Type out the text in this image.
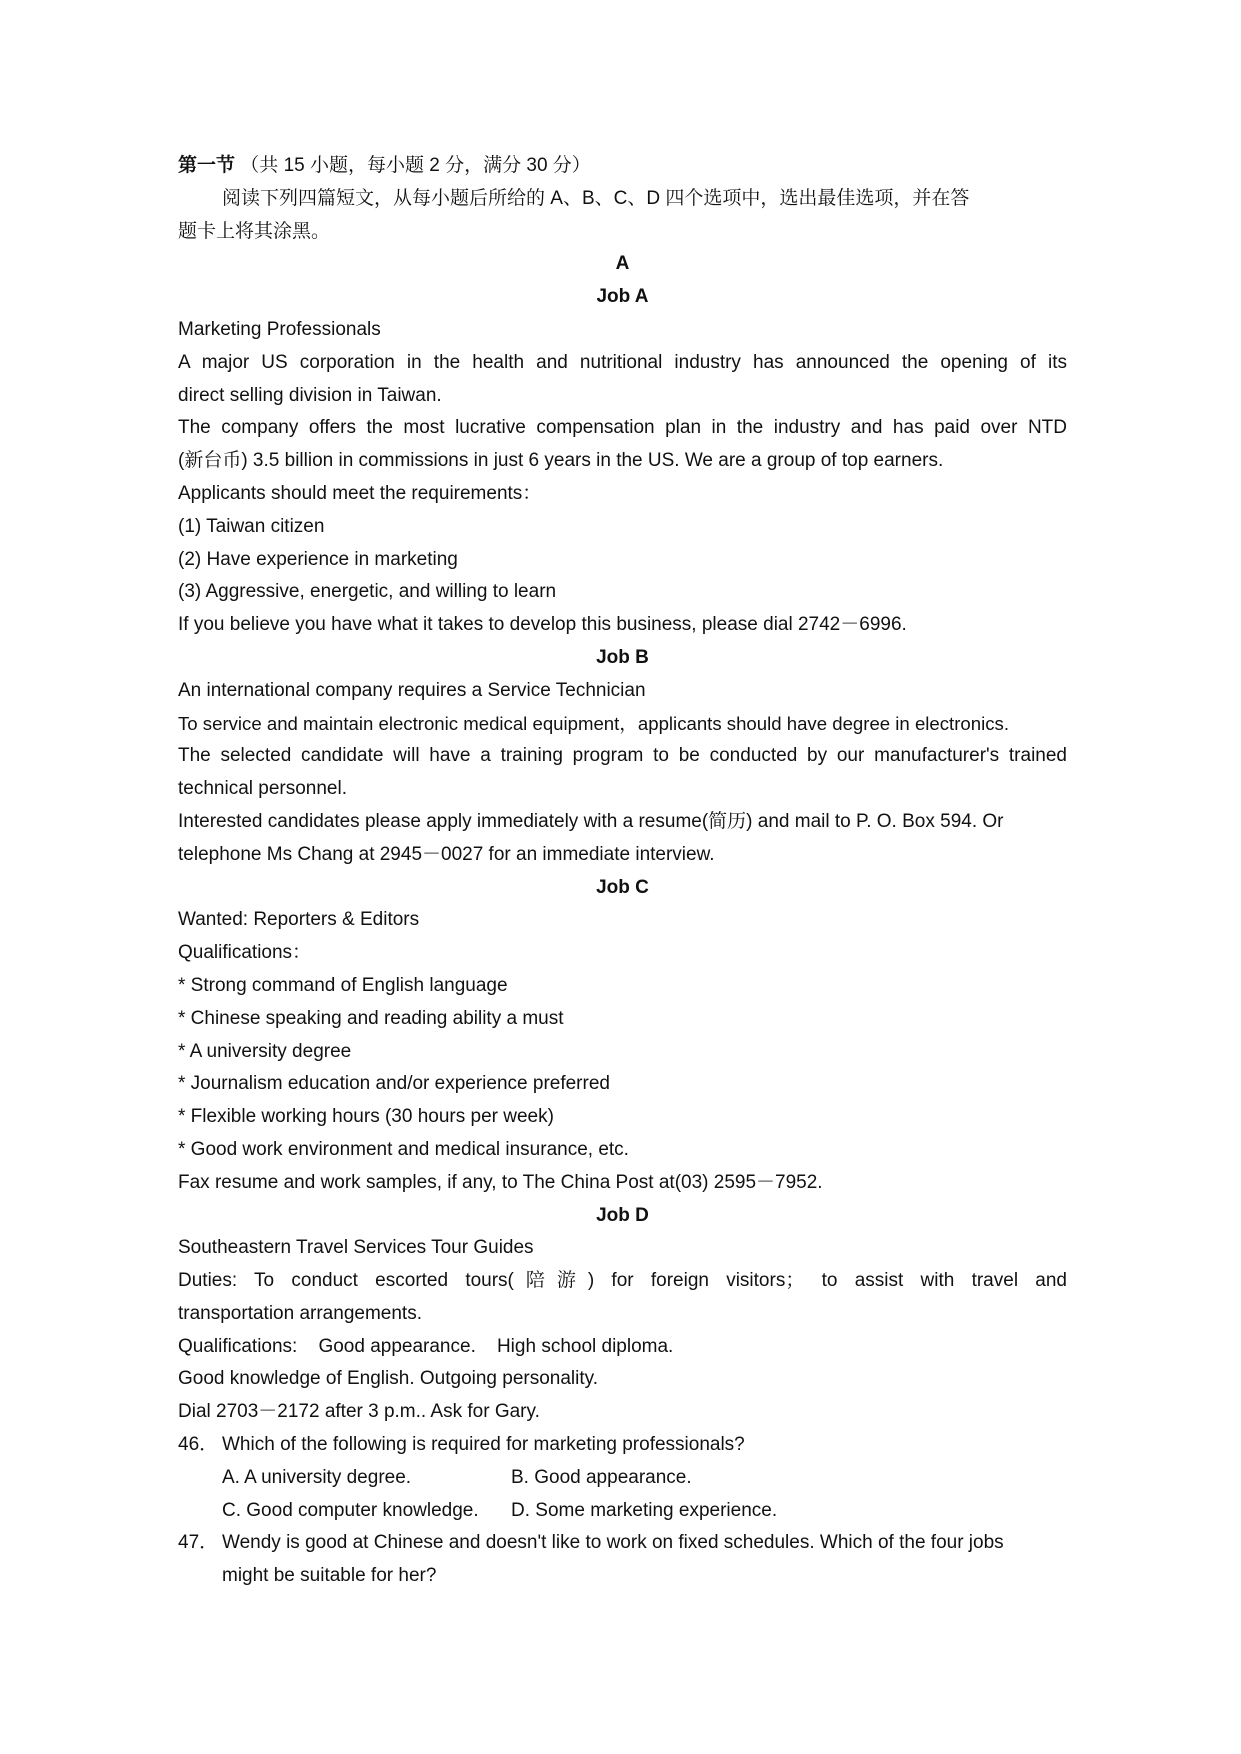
第一节 （共 15 小题，每小题 2 分，满分 30 分）
阅读下列四篇短文，从每小题后所给的 A、B、C、D 四个选项中，选出最佳选项，并在答
题卡上将其涂黑。
A
Job A
Marketing Professionals
A major US corporation in the health and nutritional industry has announced the opening of its
direct selling division in Taiwan.
The company offers the most lucrative compensation plan in the industry and has paid over NTD
(新台币) 3.5 billion in commissions in just 6 years in the US. We are a group of top earners.
Applicants should meet the requirements：
(1) Taiwan citizen
(2) Have experience in marketing
(3) Aggressive, energetic, and willing to learn
If you believe you have what it takes to develop this business, please dial 2742－6996.
Job B
An international company requires a Service Technician
To service and maintain electronic medical equipment，applicants should have degree in electronics.
The selected candidate will have a training program to be conducted by our manufacturer's trained
technical personnel.
Interested candidates please apply immediately with a resume(简历) and mail to P. O. Box 594. Or
telephone Ms Chang at 2945－0027 for an immediate interview.
Job C
Wanted: Reporters & Editors
Qualifications：
* Strong command of English language
* Chinese speaking and reading ability a must
* A university degree
* Journalism education and/or experience preferred
* Flexible working hours (30 hours per week)
* Good work environment and medical insurance, etc.
Fax resume and work samples, if any, to The China Post at(03) 2595－7952.
Job D
Southeastern Travel Services Tour Guides
Duties: To conduct escorted tours(陪游) for foreign visitors； to assist with travel and
transportation arrangements.
Qualifications:    Good appearance.    High school diploma.
Good knowledge of English. Outgoing personality.
Dial 2703－2172 after 3 p.m.. Ask for Gary.
46． Which of the following is required for marketing professionals?
A. A university degree.	B. Good appearance.
C. Good computer knowledge. D. Some marketing experience.
47． Wendy is good at Chinese and doesn't like to work on fixed schedules. Which of the four jobs
might be suitable for her?
